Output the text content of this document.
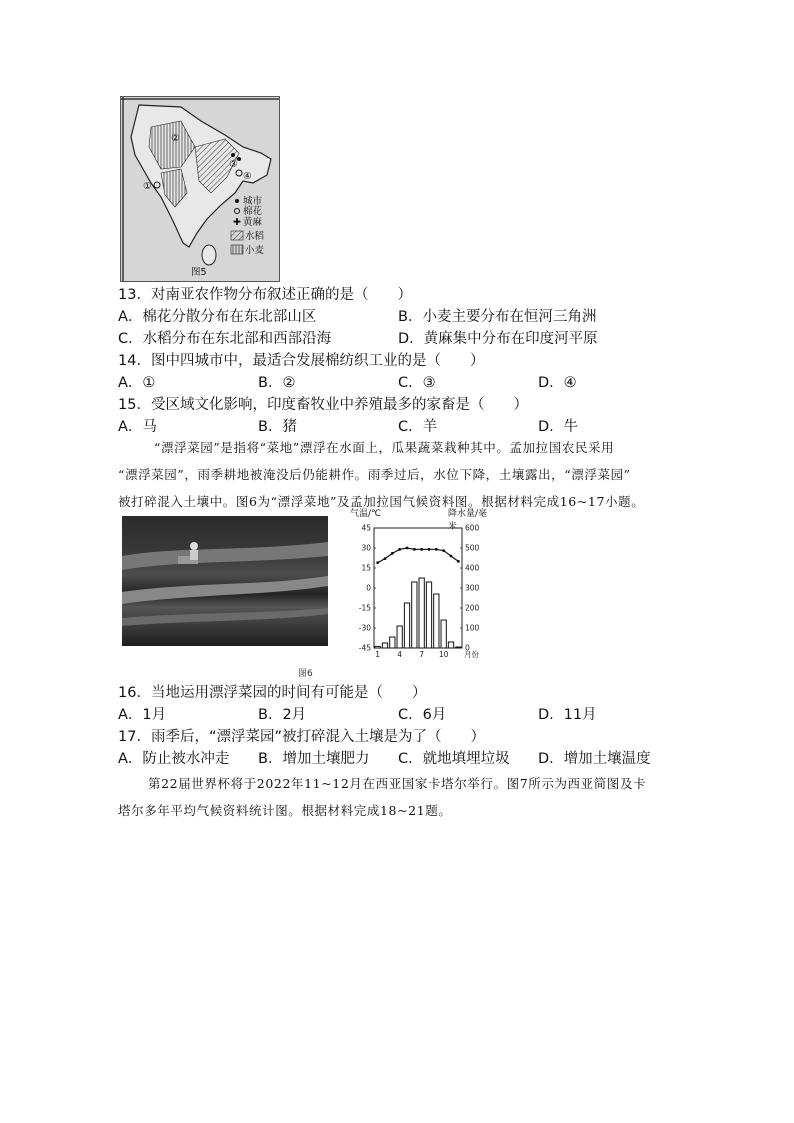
①
②
③
④
城市
棉花
✚ 黄麻
水稻
小麦
图5
13．对南亚农作物分布叙述正确的是（　　）
A．棉花分散分布在东北部山区	B．小麦主要分布在恒河三角洲
C．水稻分布在东北部和西部沿海	D．黄麻集中分布在印度河平原
14．图中四城市中，最适合发展棉纺织工业的是（　　）
A．①	B．②	C．③	D．④
15．受区域文化影响，印度畜牧业中养殖最多的家畜是（　　）
A．马	B．猪	C．羊	D．牛
“漂浮菜园”是指将“菜地”漂浮在水面上，瓜果蔬菜栽种其中。孟加拉国农民采用
“漂浮菜园”，雨季耕地被淹没后仍能耕作。雨季过后，水位下降，土壤露出，“漂浮菜园”
被打碎混入土壤中。图6为“漂浮菜地”及孟加拉国气候资料图。根据材料完成16~17小题。
气温/℃	降水量/毫米
45
30
15
0
-15
-30
-45
600
500
400
300
200
100
0
1 4 7 10 月份
图6
16．当地运用漂浮菜园的时间有可能是（　　）
A．1月	B．2月	C．6月	D．11月
17．雨季后，“漂浮菜园”被打碎混入土壤是为了（　　）
A．防止被水冲走 B．增加土壤肥力 C．就地填埋垃圾 D．增加土壤温度
第22届世界杯将于2022年11~12月在西亚国家卡塔尔举行。图7所示为西亚简图及卡
塔尔多年平均气候资料统计图。根据材料完成18~21题。
